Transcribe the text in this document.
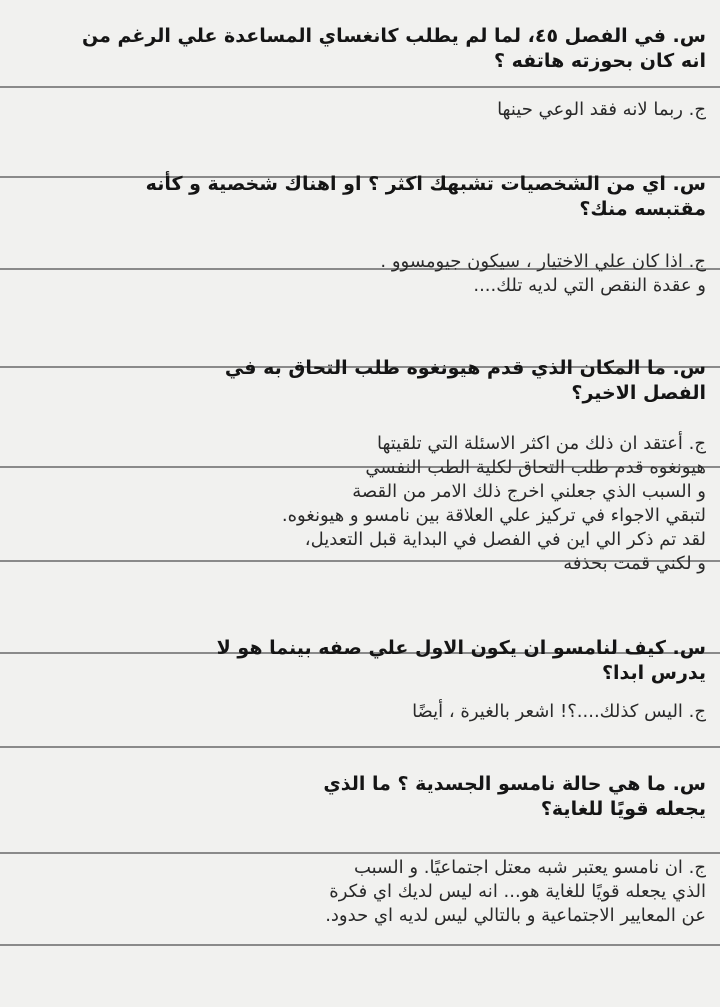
س. في الفصل ٤٥، لما لم يطلب كانغساي المساعدة علي الرغم من
انه كان بحوزته هاتفه ؟
ج. ربما لانه فقد الوعي حينها
س. اي من الشخصيات تشبهك اكثر ؟ او اهناك شخصية و كأنه
مقتبسه منك؟
ج. اذا كان علي الاختيار ، سيكون جيومسوو .
و عقدة النقص التي لديه تلك....
س. ما المكان الذي قدم هيونغوه طلب التحاق به في
الفصل الاخير؟
ج. أعتقد ان ذلك من اكثر الاسئلة التي تلقيتها
هيونغوه قدم طلب التحاق لكلية الطب النفسي
و السبب الذي جعلني اخرج ذلك الامر من القصة
لتبقي الاجواء في تركيز علي العلاقة بين نامسو و هيونغوه.
لقد تم ذكر الي اين في الفصل في البداية قبل التعديل،
و لكني قمت بحذفه
س. كيف لنامسو ان يكون الاول علي صفه بينما هو لا
يدرس ابدا؟
ج. اليس كذلك....؟! اشعر بالغيرة ، أيضًا
س. ما هي حالة نامسو الجسدية ؟ ما الذي
يجعله قويًا للغاية؟
ج. ان نامسو يعتبر شبه معتل اجتماعيًا. و السبب
الذي يجعله قويًا للغاية هو... انه ليس لديك اي فكرة
عن المعايير الاجتماعية و بالتالي ليس لديه اي حدود.
